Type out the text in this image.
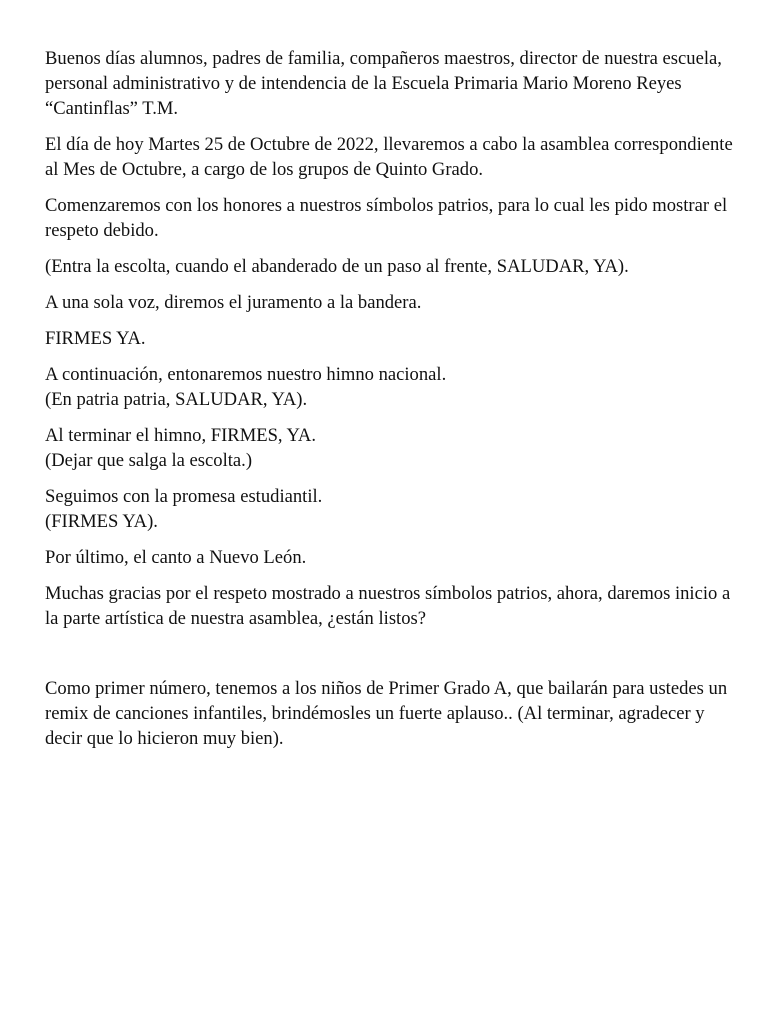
Buenos días alumnos, padres de familia, compañeros maestros, director de nuestra escuela, personal administrativo y de intendencia de la Escuela Primaria Mario Moreno Reyes “Cantinflas” T.M.

El día de hoy Martes 25 de Octubre de 2022, llevaremos a cabo la asamblea correspondiente al Mes de Octubre, a cargo de los grupos de Quinto Grado.

Comenzaremos con los honores a nuestros símbolos patrios, para lo cual les pido mostrar el respeto debido.

(Entra la escolta, cuando el abanderado de un paso al frente, SALUDAR, YA).

A una sola voz, diremos el juramento a la bandera.

FIRMES YA.

A continuación, entonaremos nuestro himno nacional.
(En patria patria, SALUDAR, YA).

Al terminar el himno, FIRMES, YA.
(Dejar que salga la escolta.)

Seguimos con la promesa estudiantil.
(FIRMES YA).

Por último, el canto a Nuevo León.

Muchas gracias por el respeto mostrado a nuestros símbolos patrios, ahora, daremos inicio a la parte artística de nuestra asamblea, ¿están listos?

Como primer número, tenemos a los niños de Primer Grado A, que bailarán para ustedes un remix de canciones infantiles, brindémosles un fuerte aplauso.. (Al terminar, agradecer y decir que lo hicieron muy bien).
